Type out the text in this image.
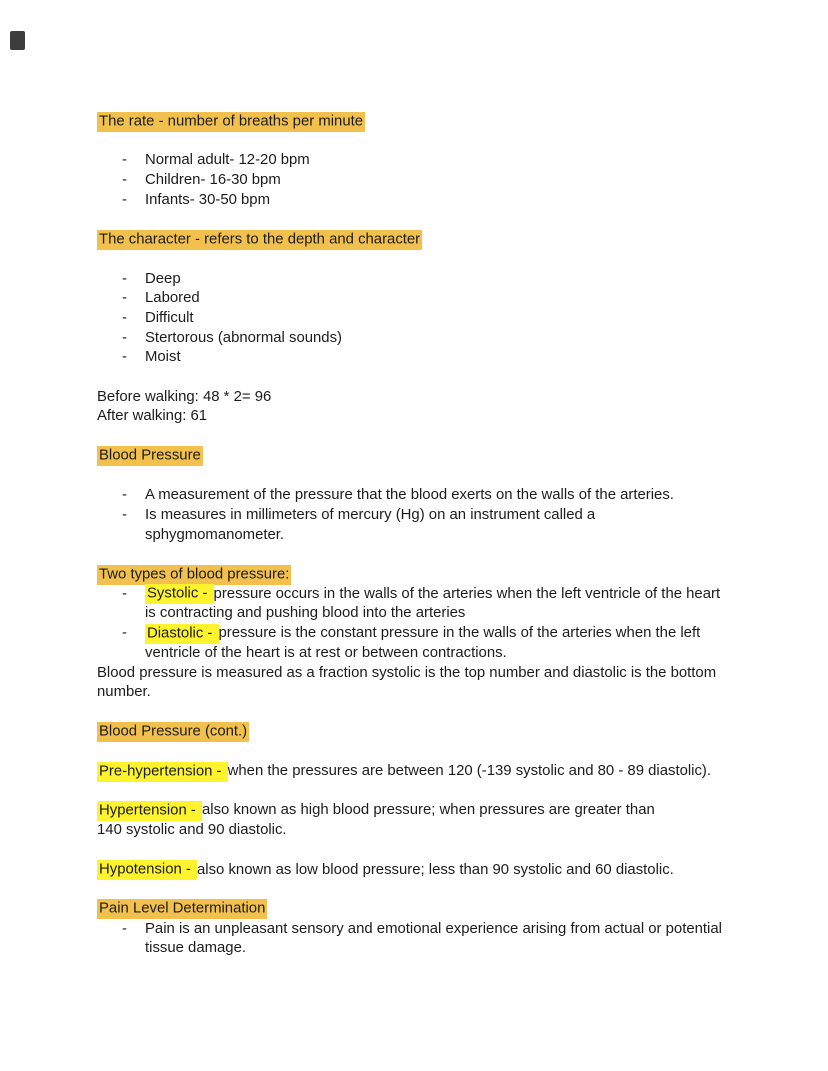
The rate - number of breaths per minute
- Normal adult- 12-20 bpm
- Children- 16-30 bpm
- Infants- 30-50 bpm
The character - refers to the depth and character
- Deep
- Labored
- Difficult
- Stertorous (abnormal sounds)
- Moist
Before walking: 48 * 2= 96
After walking: 61
Blood Pressure
- A measurement of the pressure that the blood exerts on the walls of the arteries.
- Is measures in millimeters of mercury (Hg) on an instrument called a sphygmomanometer.
Two types of blood pressure:
- Systolic - pressure occurs in the walls of the arteries when the left ventricle of the heart is contracting and pushing blood into the arteries
- Diastolic - pressure is the constant pressure in the walls of the arteries when the left ventricle of the heart is at rest or between contractions.
Blood pressure is measured as a fraction systolic is the top number and diastolic is the bottom number.
Blood Pressure (cont.)
Pre-hypertension - when the pressures are between 120 (-139 systolic and 80 - 89 diastolic).
Hypertension - also known as high blood pressure; when pressures are greater than 140 systolic and 90 diastolic.
Hypotension - also known as low blood pressure; less than 90 systolic and 60 diastolic.
Pain Level Determination
- Pain is an unpleasant sensory and emotional experience arising from actual or potential tissue damage.
